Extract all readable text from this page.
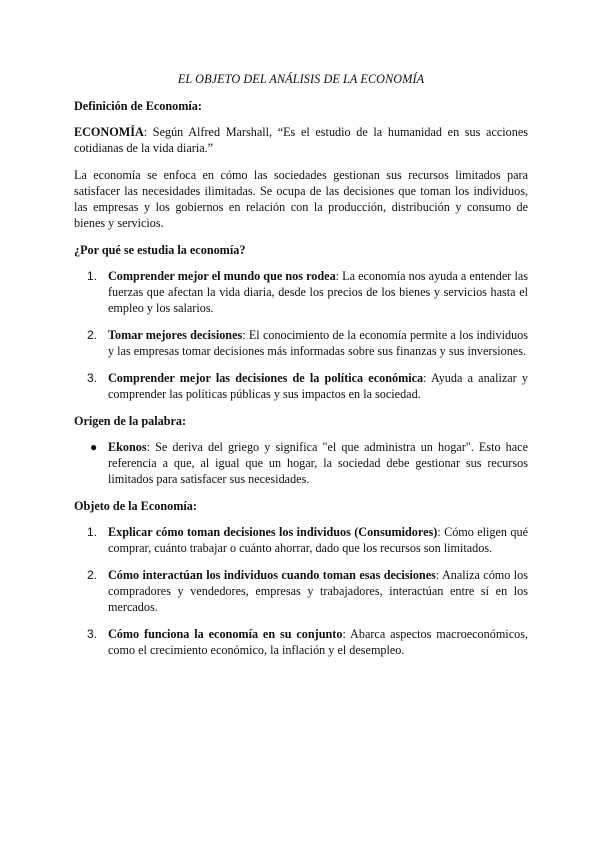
EL OBJETO DEL ANÁLISIS DE LA ECONOMÍA

Definición de Economía:

ECONOMÍA: Según Alfred Marshall, “Es el estudio de la humanidad en sus acciones cotidianas de la vida diaria.”

La economía se enfoca en cómo las sociedades gestionan sus recursos limitados para satisfacer las necesidades ilimitadas. Se ocupa de las decisiones que toman los individuos, las empresas y los gobiernos en relación con la producción, distribución y consumo de bienes y servicios.

¿Por qué se estudia la economía?

1. Comprender mejor el mundo que nos rodea: La economía nos ayuda a entender las fuerzas que afectan la vida diaria, desde los precios de los bienes y servicios hasta el empleo y los salarios.
2. Tomar mejores decisiones: El conocimiento de la economía permite a los individuos y las empresas tomar decisiones más informadas sobre sus finanzas y sus inversiones.
3. Comprender mejor las decisiones de la política económica: Ayuda a analizar y comprender las políticas públicas y sus impactos en la sociedad.

Origen de la palabra:

● Ekonos: Se deriva del griego y significa "el que administra un hogar". Esto hace referencia a que, al igual que un hogar, la sociedad debe gestionar sus recursos limitados para satisfacer sus necesidades.

Objeto de la Economía:

1. Explicar cómo toman decisiones los individuos (Consumidores): Cómo eligen qué comprar, cuánto trabajar o cuánto ahorrar, dado que los recursos son limitados.
2. Cómo interactúan los individuos cuando toman esas decisiones: Analiza cómo los compradores y vendedores, empresas y trabajadores, interactúan entre sí en los mercados.
3. Cómo funciona la economía en su conjunto: Abarca aspectos macroeconómicos, como el crecimiento económico, la inflación y el desempleo.
